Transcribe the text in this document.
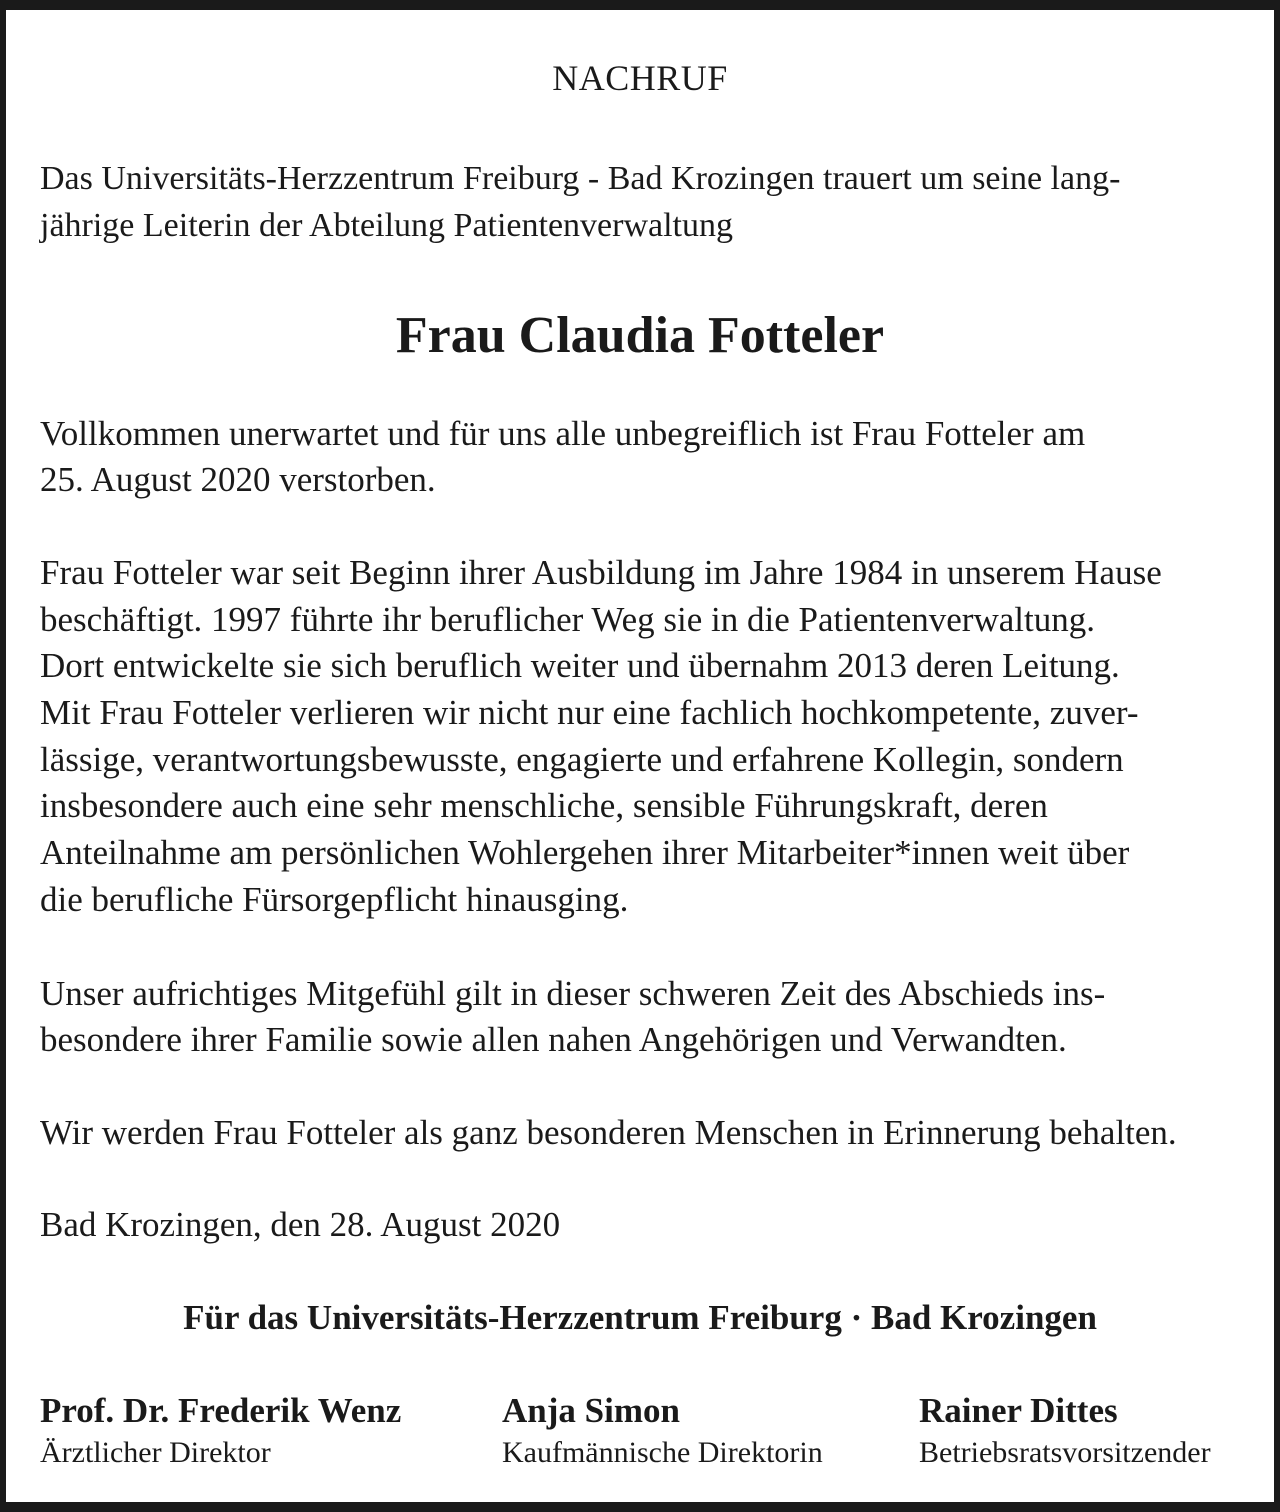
NACHRUF
Das Universitäts-Herzzentrum Freiburg - Bad Krozingen trauert um seine lang-
jährige Leiterin der Abteilung Patientenverwaltung
Frau Claudia Fotteler
Vollkommen unerwartet und für uns alle unbegreiflich ist Frau Fotteler am
25. August 2020 verstorben.
Frau Fotteler war seit Beginn ihrer Ausbildung im Jahre 1984 in unserem Hause
beschäftigt. 1997 führte ihr beruflicher Weg sie in die Patientenverwaltung.
Dort entwickelte sie sich beruflich weiter und übernahm 2013 deren Leitung.
Mit Frau Fotteler verlieren wir nicht nur eine fachlich hochkompetente, zuver-
lässige, verantwortungsbewusste, engagierte und erfahrene Kollegin, sondern
insbesondere auch eine sehr menschliche, sensible Führungskraft, deren
Anteilnahme am persönlichen Wohlergehen ihrer Mitarbeiter*innen weit über
die berufliche Fürsorgepflicht hinausging.
Unser aufrichtiges Mitgefühl gilt in dieser schweren Zeit des Abschieds ins-
besondere ihrer Familie sowie allen nahen Angehörigen und Verwandten.
Wir werden Frau Fotteler als ganz besonderen Menschen in Erinnerung behalten.
Bad Krozingen, den 28. August 2020
Für das Universitäts-Herzzentrum Freiburg · Bad Krozingen
Prof. Dr. Frederik Wenz
Ärztlicher Direktor
Anja Simon
Kaufmännische Direktorin
Rainer Dittes
Betriebsratsvorsitzender
